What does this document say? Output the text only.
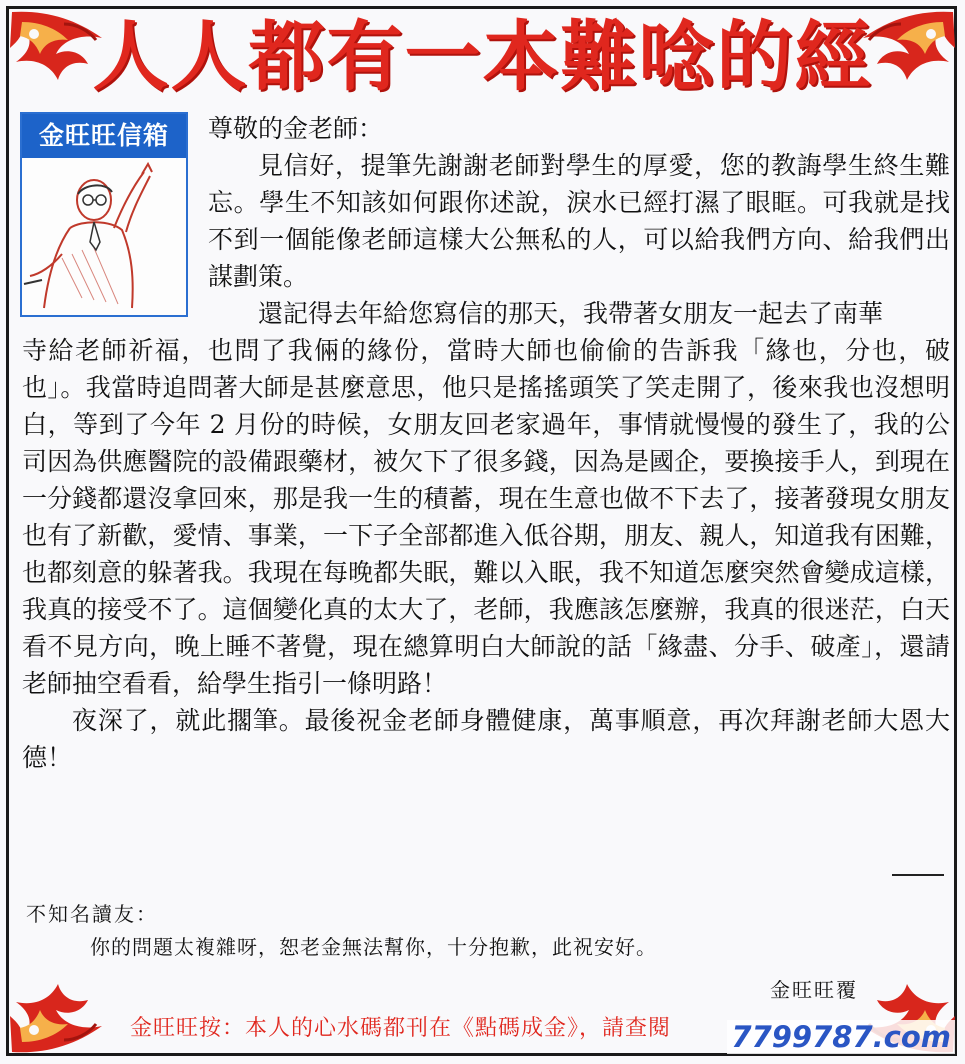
人人都有一本難唸的經
金旺旺信箱	尊敬的金老師：

見信好，提筆先謝謝老師對學生的厚愛，您的教誨學生終生難忘。學生不知該如何跟你述說，淚水已經打濕了眼眶。可我就是找不到一個能像老師這樣大公無私的人，可以給我們方向、給我們出謀劃策。

還記得去年給您寫信的那天，我帶著女朋友一起去了南華

寺給老師祈福，也問了我倆的緣份，當時大師也偷偷的告訴我「緣也，分也，破也」。我當時追問著大師是甚麼意思，他只是搖搖頭笑了笑走開了，後來我也沒想明白，等到了今年 2 月份的時候，女朋友回老家過年，事情就慢慢的發生了，我的公司因為供應醫院的設備跟藥材，被欠下了很多錢，因為是國企，要換接手人，到現在一分錢都還沒拿回來，那是我一生的積蓄，現在生意也做不下去了，接著發現女朋友也有了新歡，愛情、事業，一下子全部都進入低谷期，朋友、親人，知道我有困難，也都刻意的躲著我。我現在每晚都失眠，難以入眠，我不知道怎麼突然會變成這樣，我真的接受不了。這個變化真的太大了，老師，我應該怎麼辦，我真的很迷茫，白天看不見方向，晚上睡不著覺，現在總算明白大師說的話「緣盡、分手、破產」，還請老師抽空看看，給學生指引一條明路！

夜深了，就此擱筆。最後祝金老師身體健康，萬事順意，再次拜謝老師大恩大德！

不知名讀友：
你的問題太複雜呀，恕老金無法幫你，十分抱歉，此祝安好。
金旺旺覆
金旺旺按：本人的心水碼都刊在《點碼成金》，請查閱 7799787.com
